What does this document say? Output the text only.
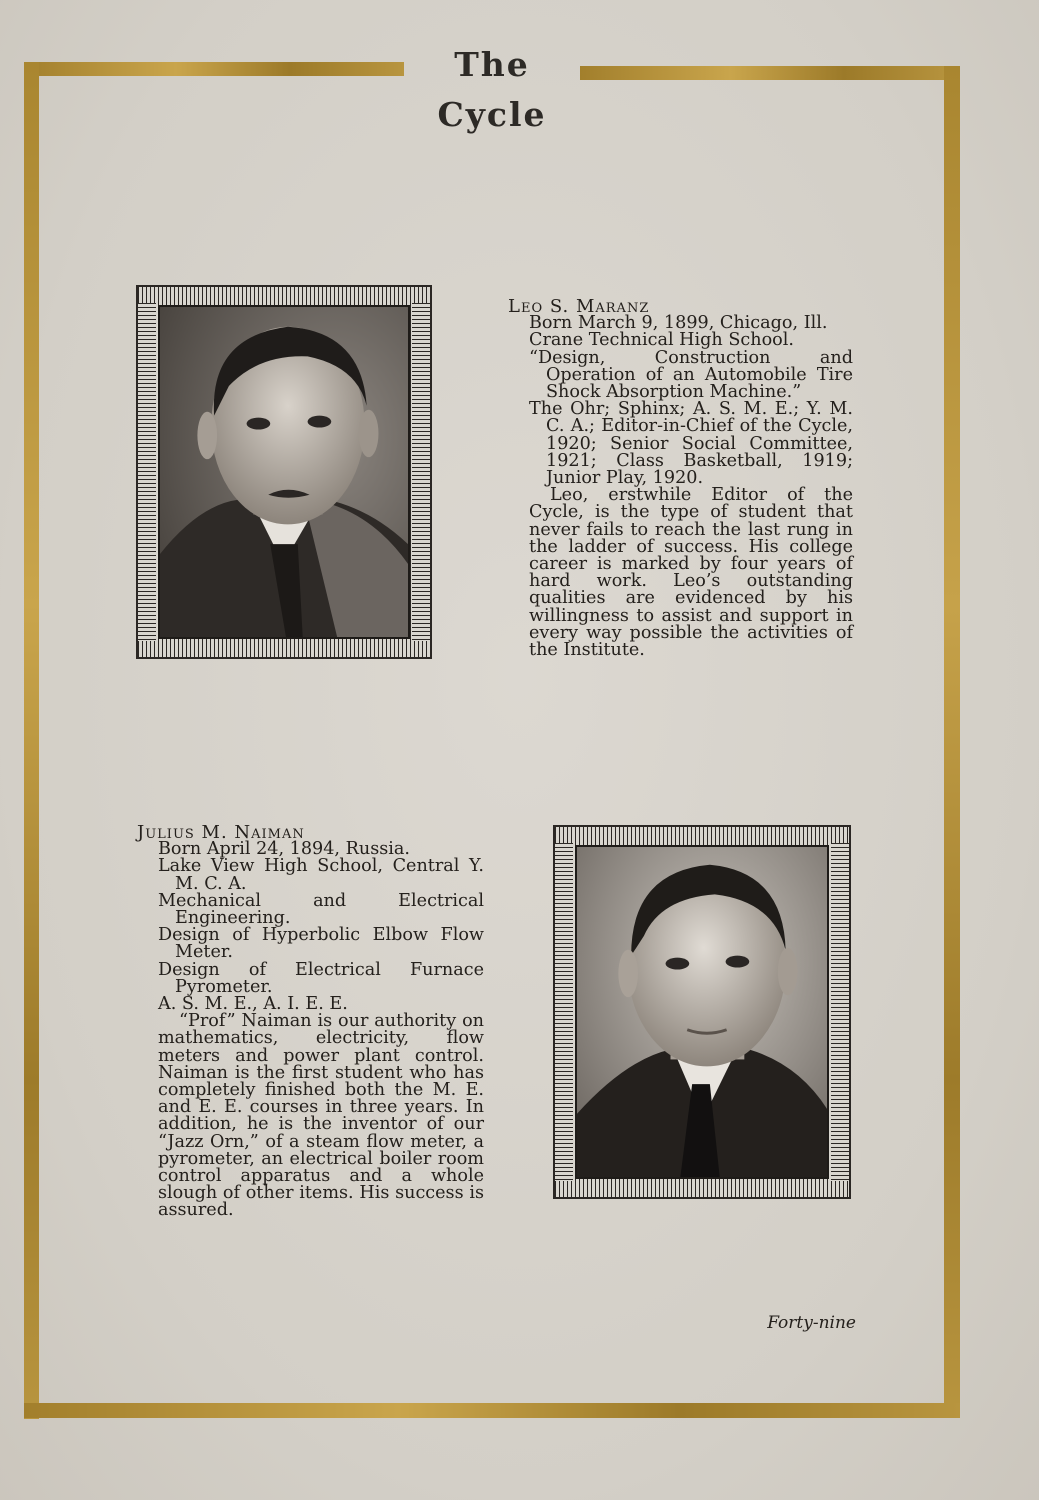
The Cycle
Leo S. Maranz
Born March 9, 1899, Chicago, Ill.
Crane Technical High School.
“Design, Construction and Operation of an Automobile Tire Shock Absorption Machine.”
The Ohr; Sphinx; A. S. M. E.; Y. M. C. A.; Editor-in-Chief of the Cycle, 1920; Senior Social Committee, 1921; Class Basketball, 1919; Junior Play, 1920.
Leo, erstwhile Editor of the Cycle, is the type of student that never fails to reach the last rung in the ladder of success. His college career is marked by four years of hard work. Leo’s outstanding qualities are evidenced by his willingness to assist and support in every way possible the activities of the Institute.
Julius M. Naiman
Born April 24, 1894, Russia.
Lake View High School, Central Y. M. C. A.
Mechanical and Electrical Engineering.
Design of Hyperbolic Elbow Flow Meter.
Design of Electrical Furnace Pyrometer.
A. S. M. E., A. I. E. E.
“Prof” Naiman is our authority on mathematics, electricity, flow meters and power plant control. Naiman is the first student who has completely finished both the M. E. and E. E. courses in three years. In addition, he is the inventor of our “Jazz Orn,” of a steam flow meter, a pyrometer, an electrical boiler room control apparatus and a whole slough of other items. His success is assured.
Forty-nine
